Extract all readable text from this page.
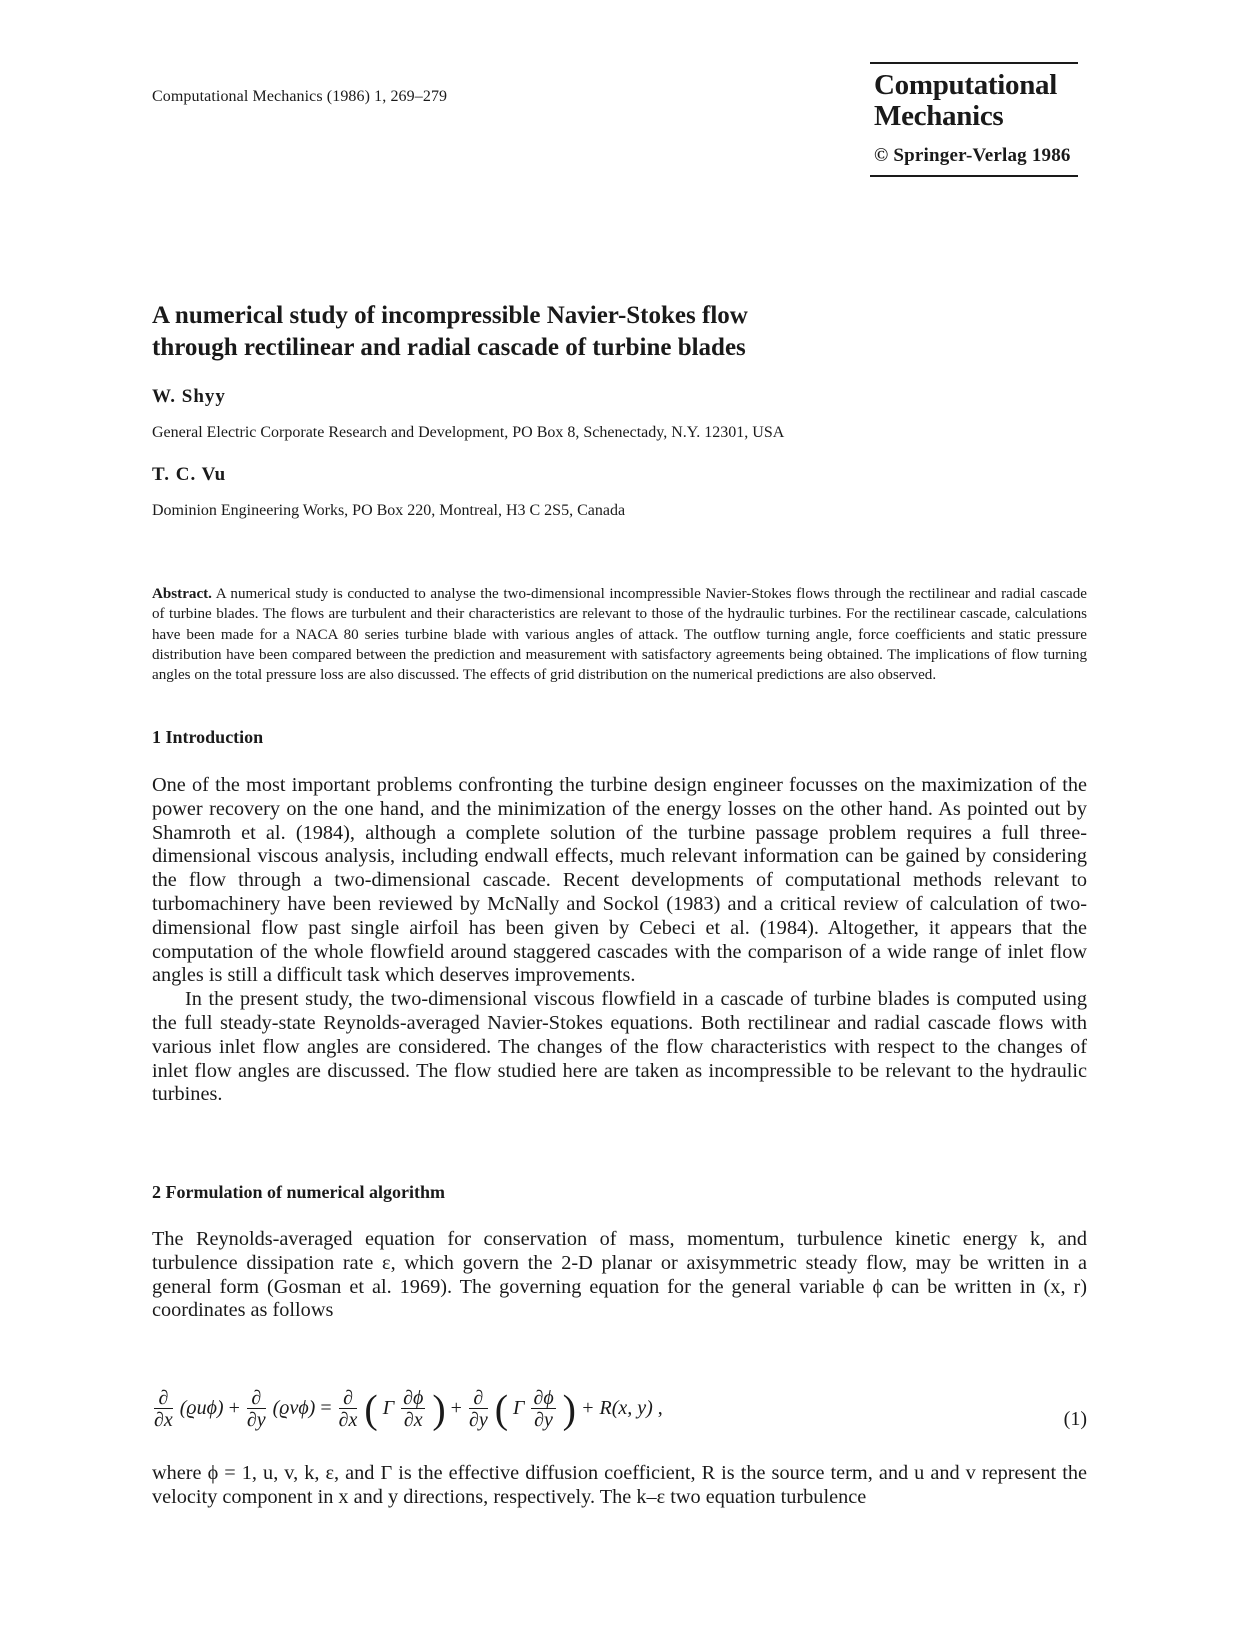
Computational Mechanics (1986) 1, 269–279	Computational
Mechanics
© Springer-Verlag 1986
A numerical study of incompressible Navier-Stokes flow
through rectilinear and radial cascade of turbine blades
W. Shyy
General Electric Corporate Research and Development, PO Box 8, Schenectady, N.Y. 12301, USA
T. C. Vu
Dominion Engineering Works, PO Box 220, Montreal, H3 C 2S5, Canada
Abstract. A numerical study is conducted to analyse the two-dimensional incompressible Navier-Stokes flows through the rectilinear and radial cascade of turbine blades. The flows are turbulent and their characteristics are relevant to those of the hydraulic turbines. For the rectilinear cascade, calculations have been made for a NACA 80 series turbine blade with various angles of attack. The outflow turning angle, force coefficients and static pressure distribution have been compared between the prediction and measurement with satisfactory agreements being obtained. The implications of flow turning angles on the total pressure loss are also discussed. The effects of grid distribution on the numerical predictions are also observed.
1 Introduction

One of the most important problems confronting the turbine design engineer focusses on the maximization of the power recovery on the one hand, and the minimization of the energy losses on the other hand. As pointed out by Shamroth et al. (1984), although a complete solution of the turbine passage problem requires a full three-dimensional viscous analysis, including endwall effects, much relevant information can be gained by considering the flow through a two-dimensional cascade. Recent developments of computational methods relevant to turbomachinery have been reviewed by McNally and Sockol (1983) and a critical review of calculation of two-dimensional flow past single airfoil has been given by Cebeci et al. (1984). Altogether, it appears that the computation of the whole flowfield around staggered cascades with the comparison of a wide range of inlet flow angles is still a difficult task which deserves improvements.

In the present study, the two-dimensional viscous flowfield in a cascade of turbine blades is computed using the full steady-state Reynolds-averaged Navier-Stokes equations. Both rectilinear and radial cascade flows with various inlet flow angles are considered. The changes of the flow characteristics with respect to the changes of inlet flow angles are discussed. The flow studied here are taken as incompressible to be relevant to the hydraulic turbines.

2 Formulation of numerical algorithm

The Reynolds-averaged equation for conservation of mass, momentum, turbulence kinetic energy k, and turbulence dissipation rate ε, which govern the 2-D planar or axisymmetric steady flow, may be written in a general form (Gosman et al. 1969). The governing equation for the general variable ϕ can be written in (x, r) coordinates as follows

$\frac{\partial}{\partial x} (ϱu\phi) + \frac{\partial}{\partial y} (ϱv\phi) = \frac{\partial}{\partial x}$ ( Γ $\frac{\partial\phi}{\partial x}$ ) + $\frac{\partial}{\partial y}$ ( Γ $\frac{\partial\phi}{\partial y}$ ) + R(x, y) ,	(1)

where ϕ = 1, u, v, k, ε, and Γ is the effective diffusion coefficient, R is the source term, and u and v represent the velocity component in x and y directions, respectively. The k–ε two equation turbulence
